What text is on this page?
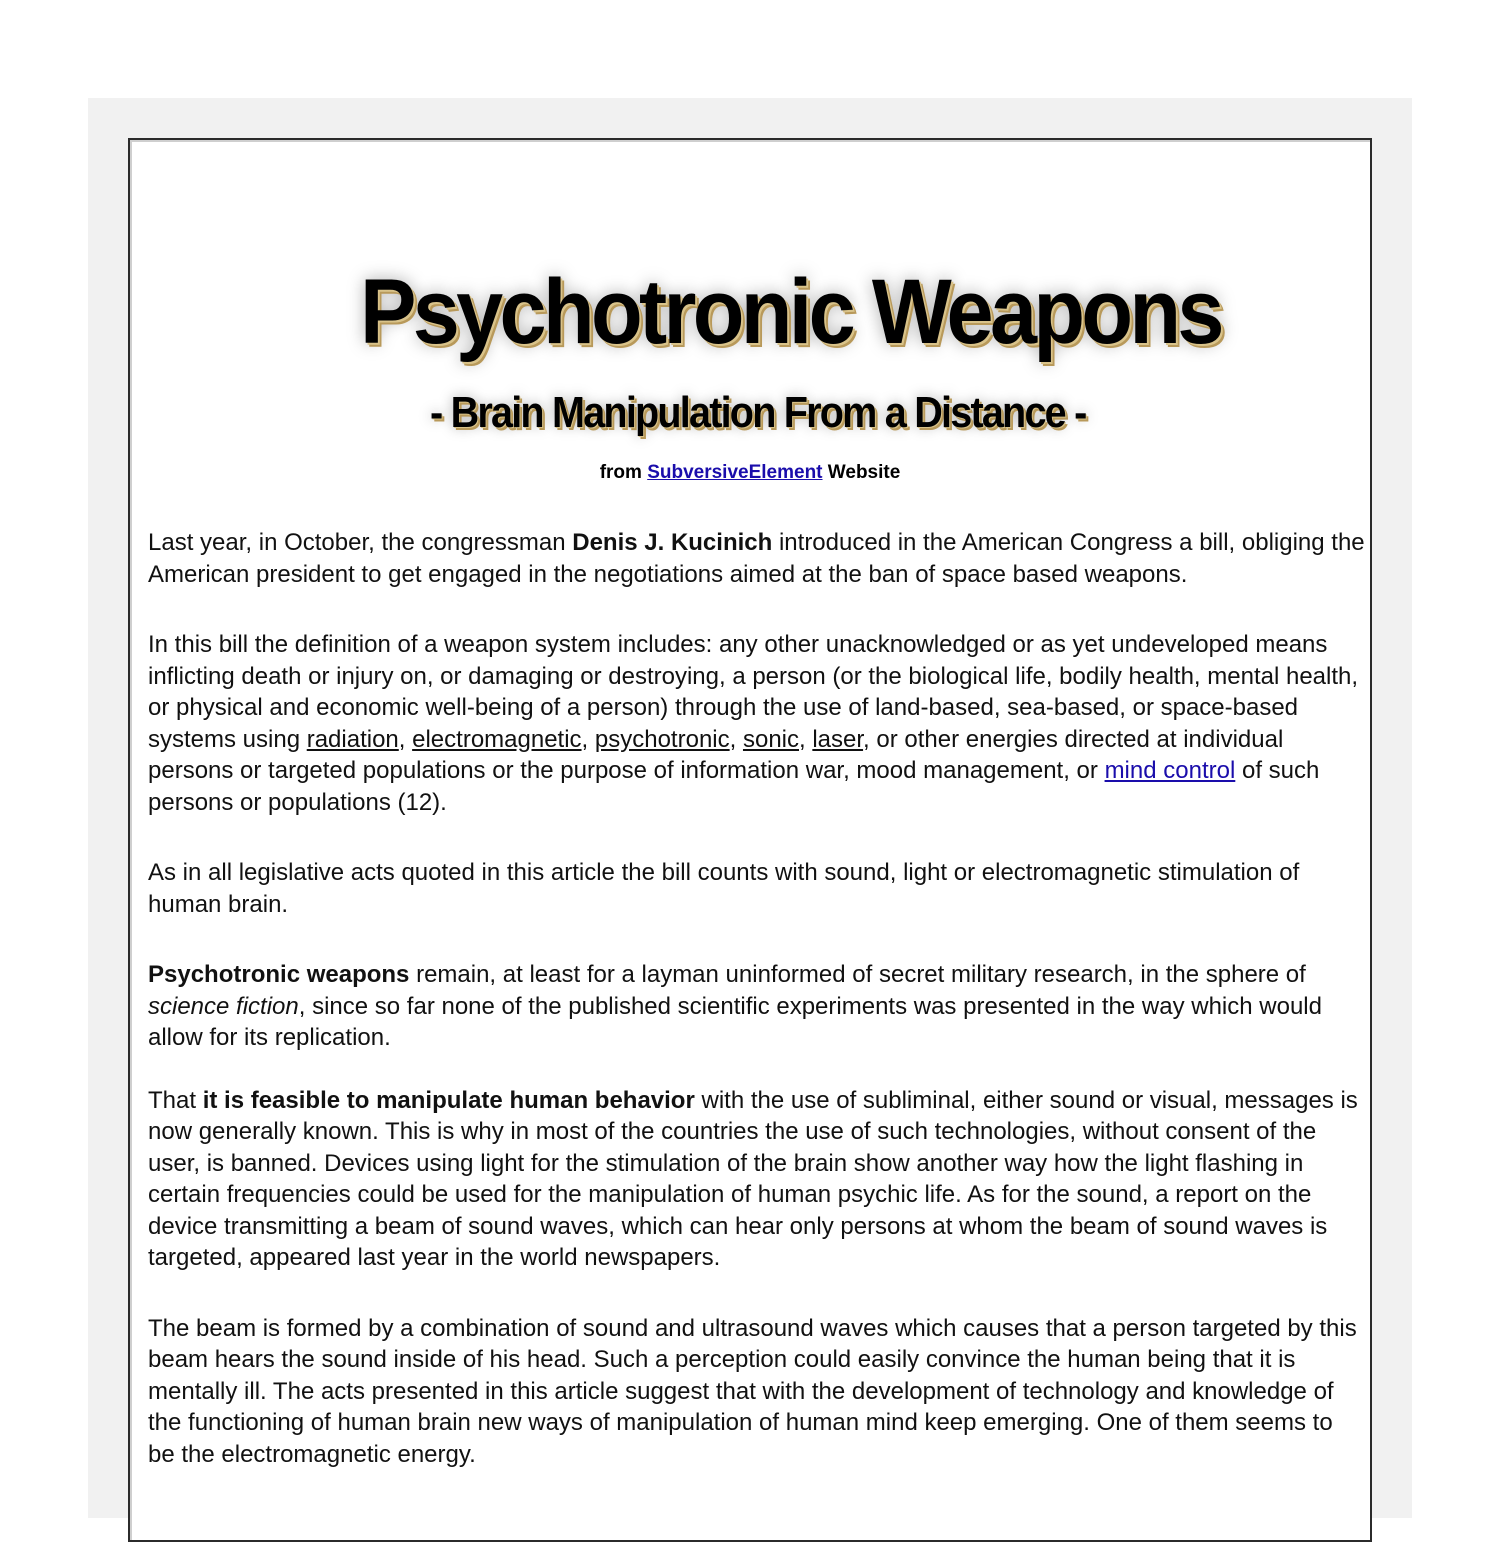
Psychotronic Weapons
- Brain Manipulation From a Distance -
from SubversiveElement Website

Last year, in October, the congressman Denis J. Kucinich introduced in the American Congress a bill, obliging the American president to get engaged in the negotiations aimed at the ban of space based weapons.

In this bill the definition of a weapon system includes: any other unacknowledged or as yet undeveloped means inflicting death or injury on, or damaging or destroying, a person (or the biological life, bodily health, mental health, or physical and economic well-being of a person) through the use of land-based, sea-based, or space-based systems using radiation, electromagnetic, psychotronic, sonic, laser, or other energies directed at individual persons or targeted populations or the purpose of information war, mood management, or mind control of such persons or populations (12).

As in all legislative acts quoted in this article the bill counts with sound, light or electromagnetic stimulation of human brain.

Psychotronic weapons remain, at least for a layman uninformed of secret military research, in the sphere of science fiction, since so far none of the published scientific experiments was presented in the way which would allow for its replication.

That it is feasible to manipulate human behavior with the use of subliminal, either sound or visual, messages is now generally known. This is why in most of the countries the use of such technologies, without consent of the user, is banned. Devices using light for the stimulation of the brain show another way how the light flashing in certain frequencies could be used for the manipulation of human psychic life. As for the sound, a report on the device transmitting a beam of sound waves, which can hear only persons at whom the beam of sound waves is targeted, appeared last year in the world newspapers.

The beam is formed by a combination of sound and ultrasound waves which causes that a person targeted by this beam hears the sound inside of his head. Such a perception could easily convince the human being that it is mentally ill. The acts presented in this article suggest that with the development of technology and knowledge of the functioning of human brain new ways of manipulation of human mind keep emerging. One of them seems to be the electromagnetic energy.
